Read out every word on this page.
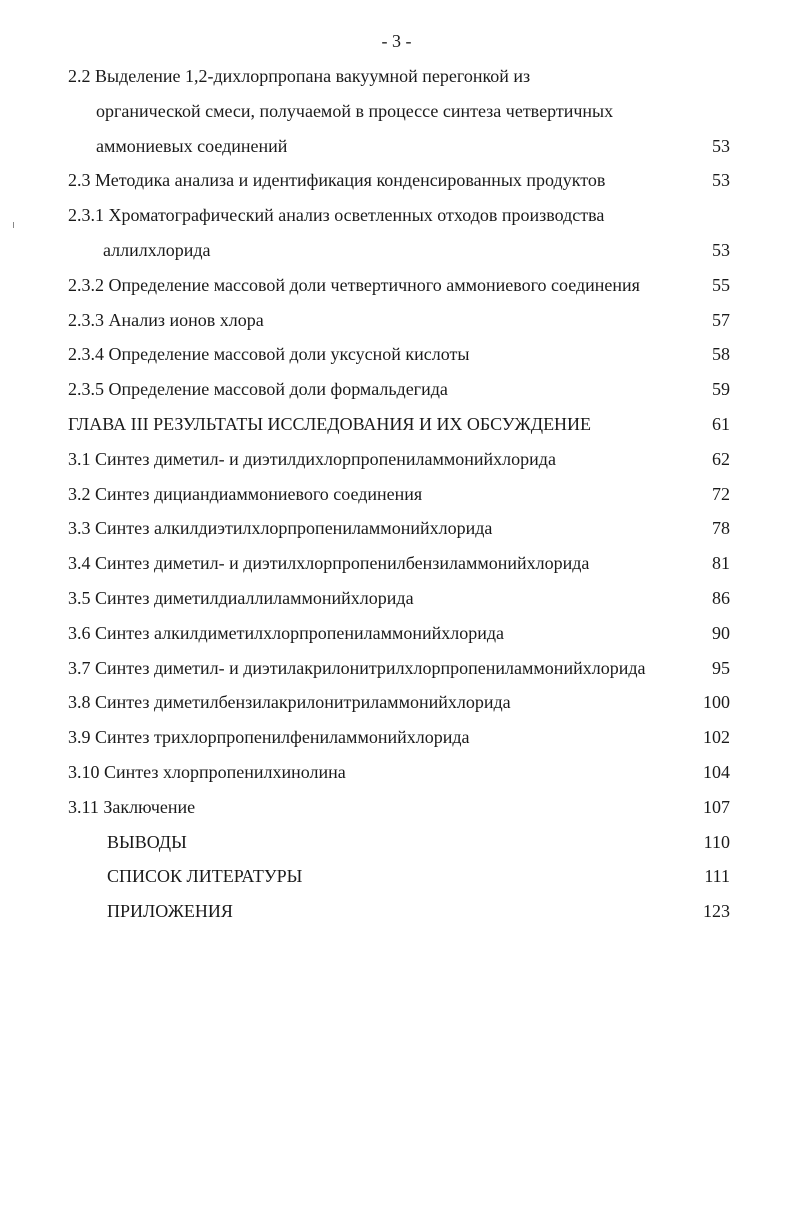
- 3 -
2.2 Выделение 1,2-дихлорпропана вакуумной перегонкой из
органической смеси, получаемой в процессе синтеза четвертичных
аммониевых соединений	53
2.3 Методика анализа и идентификация конденсированных продуктов	53
2.3.1 Хроматографический анализ осветленных отходов производства
аллилхлорида	53
2.3.2 Определение массовой доли четвертичного аммониевого соединения	55
2.3.3 Анализ ионов хлора	57
2.3.4 Определение массовой доли уксусной кислоты	58
2.3.5 Определение массовой доли формальдегида	59
ГЛАВА III РЕЗУЛЬТАТЫ ИССЛЕДОВАНИЯ И ИХ ОБСУЖДЕНИЕ	61
3.1 Синтез диметил- и диэтилдихлорпропениламмонийхлорида	62
3.2 Синтез дициандиаммониевого соединения	72
3.3 Синтез алкилдиэтилхлорпропениламмонийхлорида	78
3.4 Синтез диметил- и диэтилхлорпропенилбензиламмонийхлорида	81
3.5 Синтез диметилдиаллиламмонийхлорида	86
3.6 Синтез алкилдиметилхлорпропениламмонийхлорида	90
3.7 Синтез диметил- и диэтилакрилонитрилхлорпропениламмонийхлорида	95
3.8 Синтез диметилбензилакрилонитриламмонийхлорида	100
3.9 Синтез трихлорпропенилфениламмонийхлорида	102
3.10 Синтез хлорпропенилхинолина	104
3.11 Заключение	107
ВЫВОДЫ	110
СПИСОК ЛИТЕРАТУРЫ	111
ПРИЛОЖЕНИЯ	123
